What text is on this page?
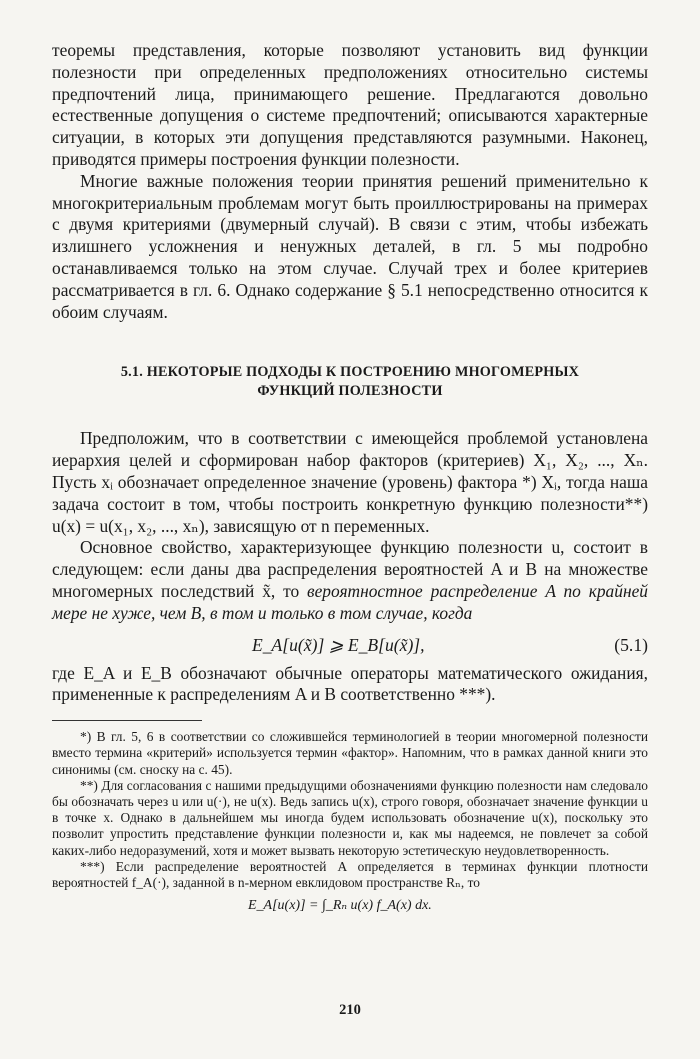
теоремы представления, которые позволяют установить вид функции полезности при определенных предположениях относительно системы предпочтений лица, принимающего решение. Предлагаются довольно естественные допущения о системе предпочтений; описываются характерные ситуации, в которых эти допущения представляются разумными. Наконец, приводятся примеры построения функции полезности.

Многие важные положения теории принятия решений применительно к многокритериальным проблемам могут быть проиллюстрированы на примерах с двумя критериями (двумерный случай). В связи с этим, чтобы избежать излишнего усложнения и ненужных деталей, в гл. 5 мы подробно останавливаемся только на этом случае. Случай трех и более критериев рассматривается в гл. 6. Однако содержание § 5.1 непосредственно относится к обоим случаям.

5.1. НЕКОТОРЫЕ ПОДХОДЫ К ПОСТРОЕНИЮ МНОГОМЕРНЫХ
ФУНКЦИЙ ПОЛЕЗНОСТИ

Предположим, что в соответствии с имеющейся проблемой установлена иерархия целей и сформирован набор факторов (критериев) X₁, X₂, ..., Xₙ. Пусть xᵢ обозначает определенное значение (уровень) фактора *) Xᵢ, тогда наша задача состоит в том, чтобы построить конкретную функцию полезности**) u(x) = u(x₁, x₂, ..., xₙ), зависящую от n переменных.

Основное свойство, характеризующее функцию полезности u, состоит в следующем: если даны два распределения вероятностей A и B на множестве многомерных последствий x̃, то вероятностное распределение A по крайней мере не хуже, чем B, в том и только в том случае, когда

E_A[u(x̃)] ⩾ E_B[u(x̃)],	(5.1)

где E_A и E_B обозначают обычные операторы математического ожидания, примененные к распределениям A и B соответственно ***).

*) В гл. 5, 6 в соответствии со сложившейся терминологией в теории многомерной полезности вместо термина «критерий» используется термин «фактор». Напомним, что в рамках данной книги это синонимы (см. сноску на с. 45).

**) Для согласования с нашими предыдущими обозначениями функцию полезности нам следовало бы обозначать через u или u(·), не u(x). Ведь запись u(x), строго говоря, обозначает значение функции u в точке x. Однако в дальнейшем мы иногда будем использовать обозначение u(x), поскольку это позволит упростить представление функции полезности и, как мы надеемся, не повлечет за собой каких-либо недоразумений, хотя и может вызвать некоторую эстетическую неудовлетворенность.

***) Если распределение вероятностей A определяется в терминах функции плотности вероятностей f_A(·), заданной в n-мерном евклидовом пространстве Rₙ, то

E_A[u(x)] = ∫_Rₙ u(x) f_A(x) dx.
210
